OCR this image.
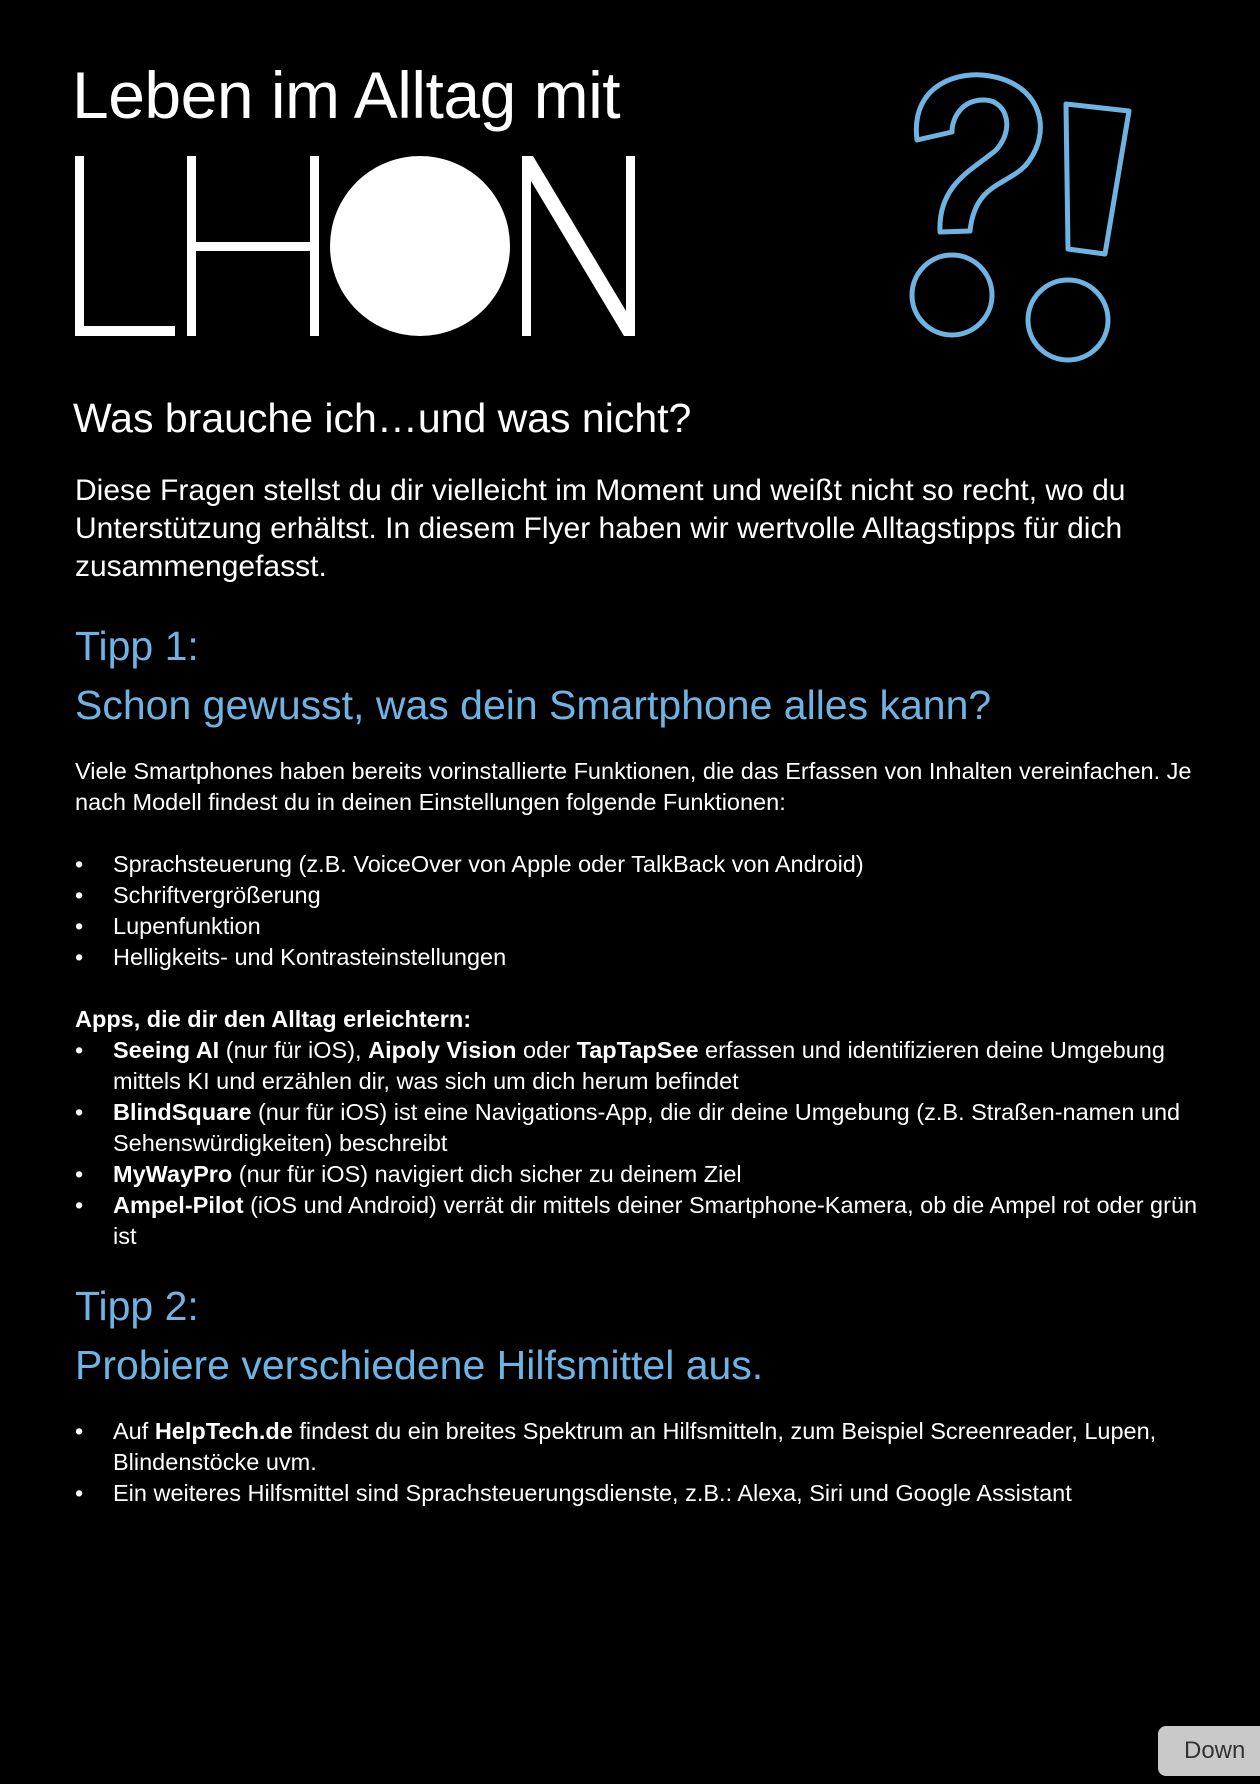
Leben im Alltag mit
Was brauche ich…und was nicht?
Diese Fragen stellst du dir vielleicht im Moment und weißt nicht so recht, wo du Unterstützung erhältst. In diesem Flyer haben wir wertvolle Alltagstipps für dich zusammengefasst.
Tipp 1:
Schon gewusst, was dein Smartphone alles kann?
Viele Smartphones haben bereits vorinstallierte Funktionen, die das Erfassen von Inhalten vereinfachen. Je nach Modell findest du in deinen Einstellungen folgende Funktionen:
• Sprachsteuerung (z.B. VoiceOver von Apple oder TalkBack von Android)
• Schriftvergrößerung
• Lupenfunktion
• Helligkeits- und Kontrasteinstellungen
Apps, die dir den Alltag erleichtern:
• Seeing AI (nur für iOS), Aipoly Vision oder TapTapSee erfassen und identifizieren deine Umgebung mittels KI und erzählen dir, was sich um dich herum befindet
• BlindSquare (nur für iOS) ist eine Navigations-App, die dir deine Umgebung (z.B. Straßen-namen und Sehenswürdigkeiten) beschreibt
• MyWayPro (nur für iOS) navigiert dich sicher zu deinem Ziel
• Ampel-Pilot (iOS und Android) verrät dir mittels deiner Smartphone-Kamera, ob die Ampel rot oder grün ist
Tipp 2:
Probiere verschiedene Hilfsmittel aus.
• Auf HelpTech.de findest du ein breites Spektrum an Hilfsmitteln, zum Beispiel Screenreader, Lupen, Blindenstöcke uvm.
• Ein weiteres Hilfsmittel sind Sprachsteuerungsdienste, z.B.: Alexa, Siri und Google Assistant
Down
